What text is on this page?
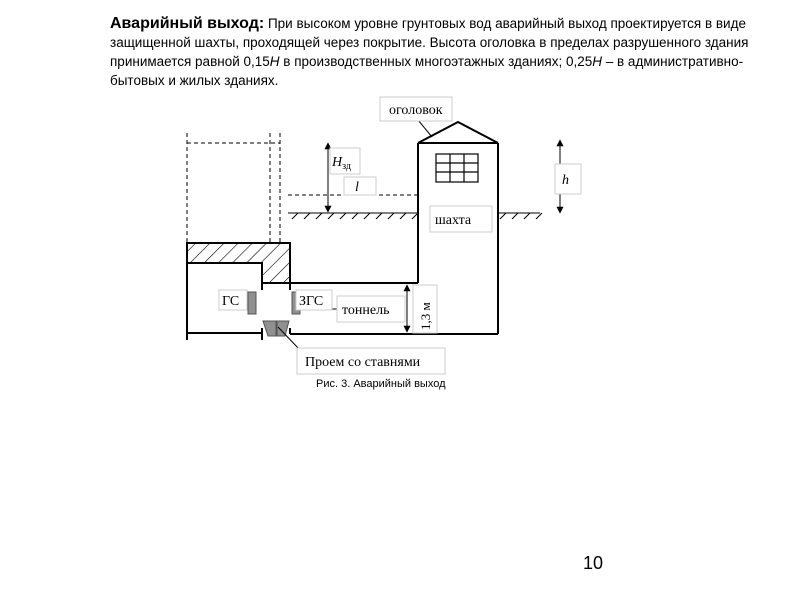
Аварийный выход: При высоком уровне грунтовых вод аварийный выход проектируется в виде защищенной шахты, проходящей через покрытие. Высота оголовка в пределах разрушенного здания принимается равной 0,15H в производственных многоэтажных зданиях; 0,25H – в административно-бытовых и жилых зданиях.
оголовок
$H_{зд}$
l	h
шахта
ГС	ЗГС
тоннель 1,3 м
Проем со ставнями
Рис. 3. Аварийный выход
10
